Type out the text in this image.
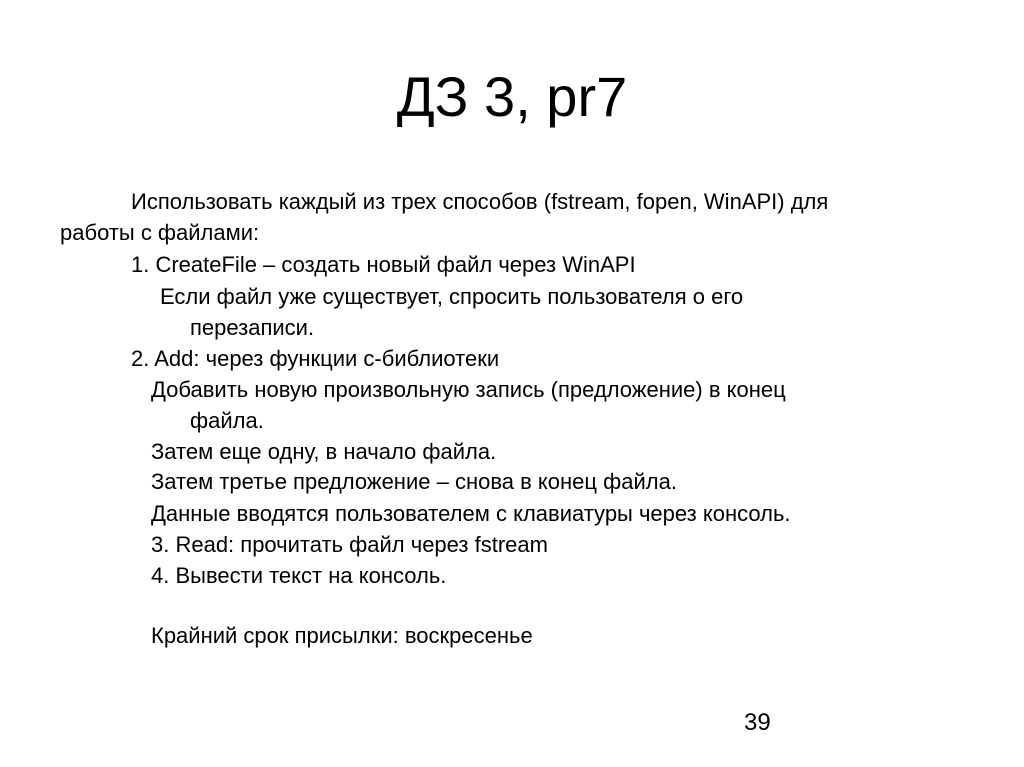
ДЗ 3, pr7
Использовать каждый из трех способов (fstream, fopen, WinAPI) для
работы с файлами:
1. CreateFile – создать новый файл через WinAPI
Если файл уже существует, спросить пользователя о его
перезаписи.
2. Add: через функции с-библиотеки
Добавить новую произвольную запись (предложение) в конец
файла.
Затем еще одну, в начало файла.
Затем третье предложение – снова в конец файла.
Данные вводятся пользователем с клавиатуры через консоль.
3. Read: прочитать файл через fstream
4. Вывести текст на консоль.
Крайний срок присылки: воскресенье
39
